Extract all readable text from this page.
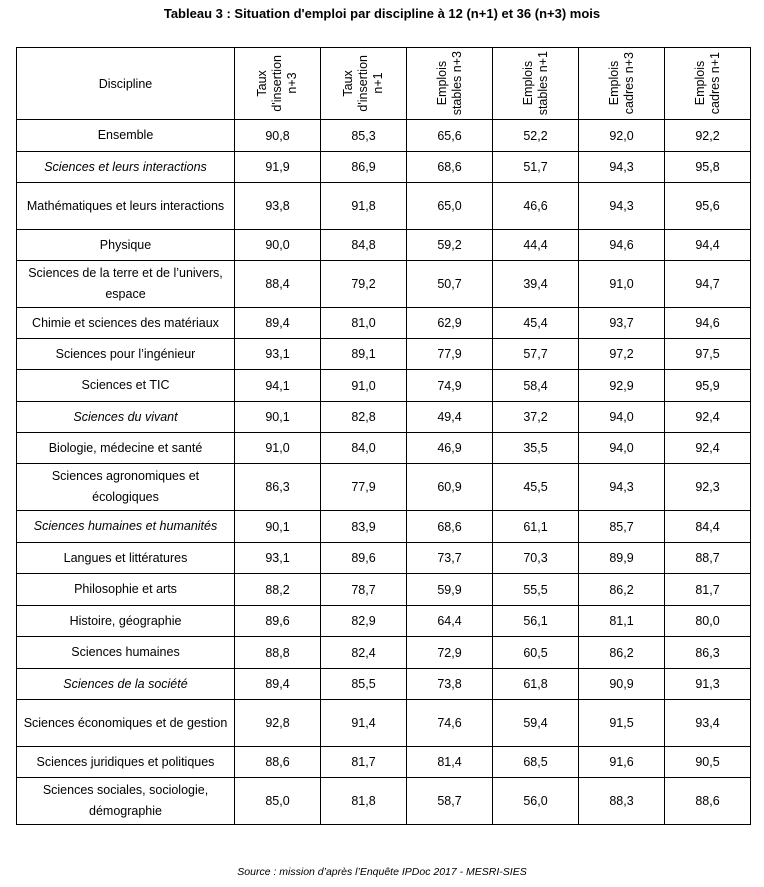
Tableau 3 : Situation d'emploi par discipline à 12 (n+1) et 36 (n+3) mois
Discipline	Taux d'insertion n+3	Taux d'insertion n+1	Emplois stables n+3	Emplois stables n+1	Emplois cadres n+3	Emplois cadres n+1

Ensemble	90,8	85,3	65,6	52,2	92,0	92,2
Sciences et leurs interactions	91,9	86,9	68,6	51,7	94,3	95,8
Mathématiques et leurs interactions	93,8	91,8	65,0	46,6	94,3	95,6
Physique	90,0	84,8	59,2	44,4	94,6	94,4
Sciences de la terre et de l’univers, espace	88,4	79,2	50,7	39,4	91,0	94,7
Chimie et sciences des matériaux	89,4	81,0	62,9	45,4	93,7	94,6
Sciences pour l’ingénieur	93,1	89,1	77,9	57,7	97,2	97,5
Sciences et TIC	94,1	91,0	74,9	58,4	92,9	95,9
Sciences du vivant	90,1	82,8	49,4	37,2	94,0	92,4
Biologie, médecine et santé	91,0	84,0	46,9	35,5	94,0	92,4
Sciences agronomiques et écologiques	86,3	77,9	60,9	45,5	94,3	92,3
Sciences humaines et humanités	90,1	83,9	68,6	61,1	85,7	84,4
Langues et littératures	93,1	89,6	73,7	70,3	89,9	88,7
Philosophie et arts	88,2	78,7	59,9	55,5	86,2	81,7
Histoire, géographie	89,6	82,9	64,4	56,1	81,1	80,0
Sciences humaines	88,8	82,4	72,9	60,5	86,2	86,3
Sciences de la société	89,4	85,5	73,8	61,8	90,9	91,3
Sciences économiques et de gestion	92,8	91,4	74,6	59,4	91,5	93,4
Sciences juridiques et politiques	88,6	81,7	81,4	68,5	91,6	90,5
Sciences sociales, sociologie, démographie	85,0	81,8	58,7	56,0	88,3	88,6
Source : mission d’après l’Enquête IPDoc 2017 - MESRI-SIES
